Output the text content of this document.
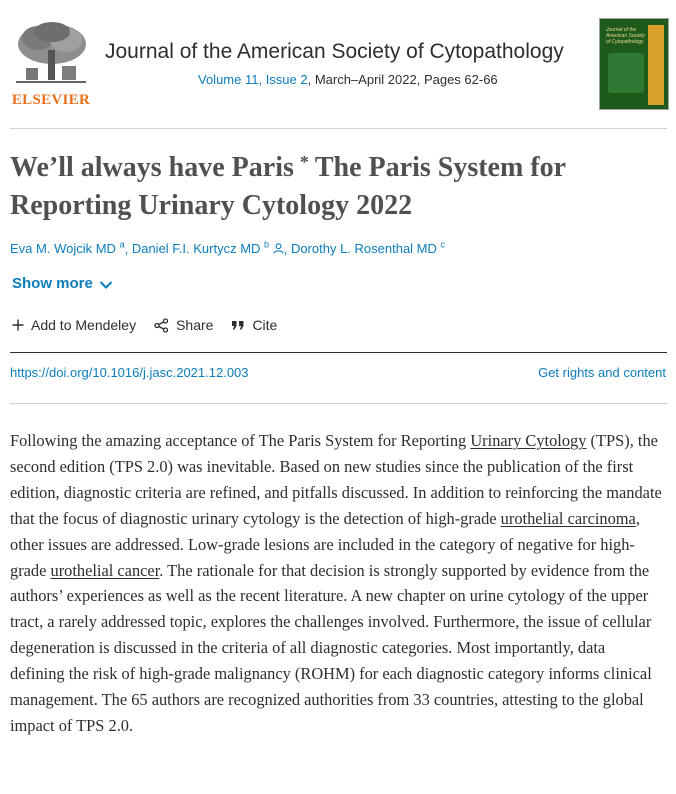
ELSEVIER
Journal of the American Society of Cytopathology
Volume 11, Issue 2, March–April 2022, Pages 62-66
Journal of the American Society of Cytopathology
We’ll always have Paris * The Paris System for Reporting Urinary Cytology 2022
Eva M. Wojcik MD $^a$, Daniel F.I. Kurtycz MD $^b$ , Dorothy L. Rosenthal MD $^c$
Show more
Add to Mendeley	Share	Cite
https://doi.org/10.1016/j.jasc.2021.12.003	Get rights and content

Following the amazing acceptance of The Paris System for Reporting Urinary Cytology (TPS), the second edition (TPS 2.0) was inevitable. Based on new studies since the publication of the first edition, diagnostic criteria are refined, and pitfalls discussed. In addition to reinforcing the mandate that the focus of diagnostic urinary cytology is the detection of high-grade urothelial carcinoma, other issues are addressed. Low-grade lesions are included in the category of negative for high-grade urothelial cancer. The rationale for that decision is strongly supported by evidence from the authors’ experiences as well as the recent literature. A new chapter on urine cytology of the upper tract, a rarely addressed topic, explores the challenges involved. Furthermore, the issue of cellular degeneration is discussed in the criteria of all diagnostic categories. Most importantly, data defining the risk of high-grade malignancy (ROHM) for each diagnostic category informs clinical management. The 65 authors are recognized authorities from 33 countries, attesting to the global impact of TPS 2.0.
